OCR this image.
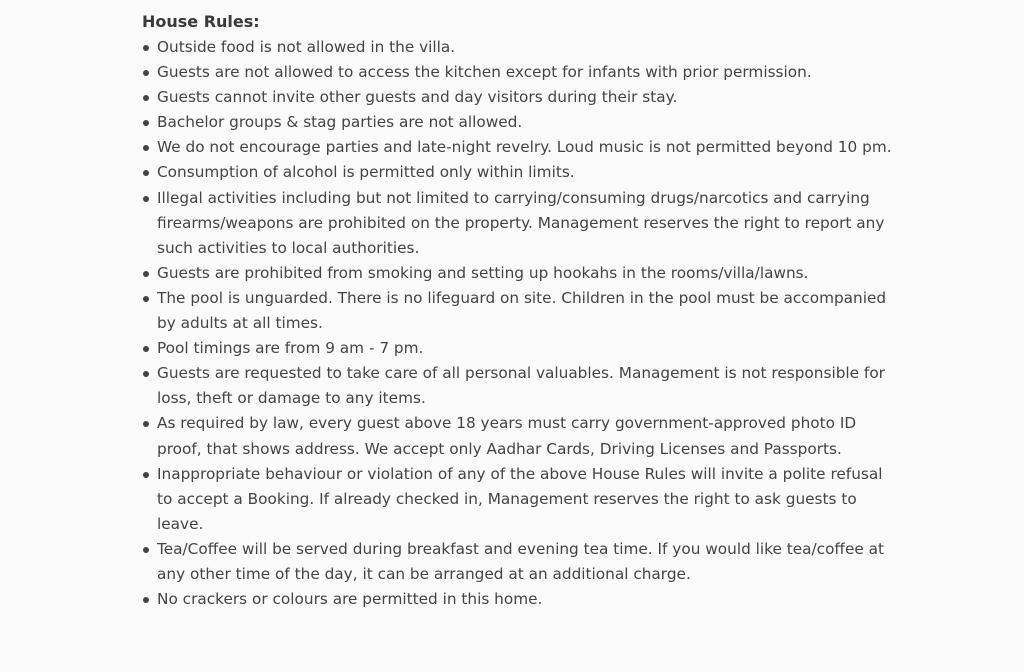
House Rules:
Outside food is not allowed in the villa.
Guests are not allowed to access the kitchen except for infants with prior permission.
Guests cannot invite other guests and day visitors during their stay.
Bachelor groups & stag parties are not allowed.
We do not encourage parties and late-night revelry. Loud music is not permitted beyond 10 pm.
Consumption of alcohol is permitted only within limits.
Illegal activities including but not limited to carrying/consuming drugs/narcotics and carrying firearms/weapons are prohibited on the property. Management reserves the right to report any such activities to local authorities.
Guests are prohibited from smoking and setting up hookahs in the rooms/villa/lawns.
The pool is unguarded. There is no lifeguard on site. Children in the pool must be accompanied by adults at all times.
Pool timings are from 9 am - 7 pm.
Guests are requested to take care of all personal valuables. Management is not responsible for loss, theft or damage to any items.
As required by law, every guest above 18 years must carry government-approved photo ID proof, that shows address. We accept only Aadhar Cards, Driving Licenses and Passports.
Inappropriate behaviour or violation of any of the above House Rules will invite a polite refusal to accept a Booking. If already checked in, Management reserves the right to ask guests to leave.
Tea/Coffee will be served during breakfast and evening tea time. If you would like tea/coffee at any other time of the day, it can be arranged at an additional charge.
No crackers or colours are permitted in this home.
